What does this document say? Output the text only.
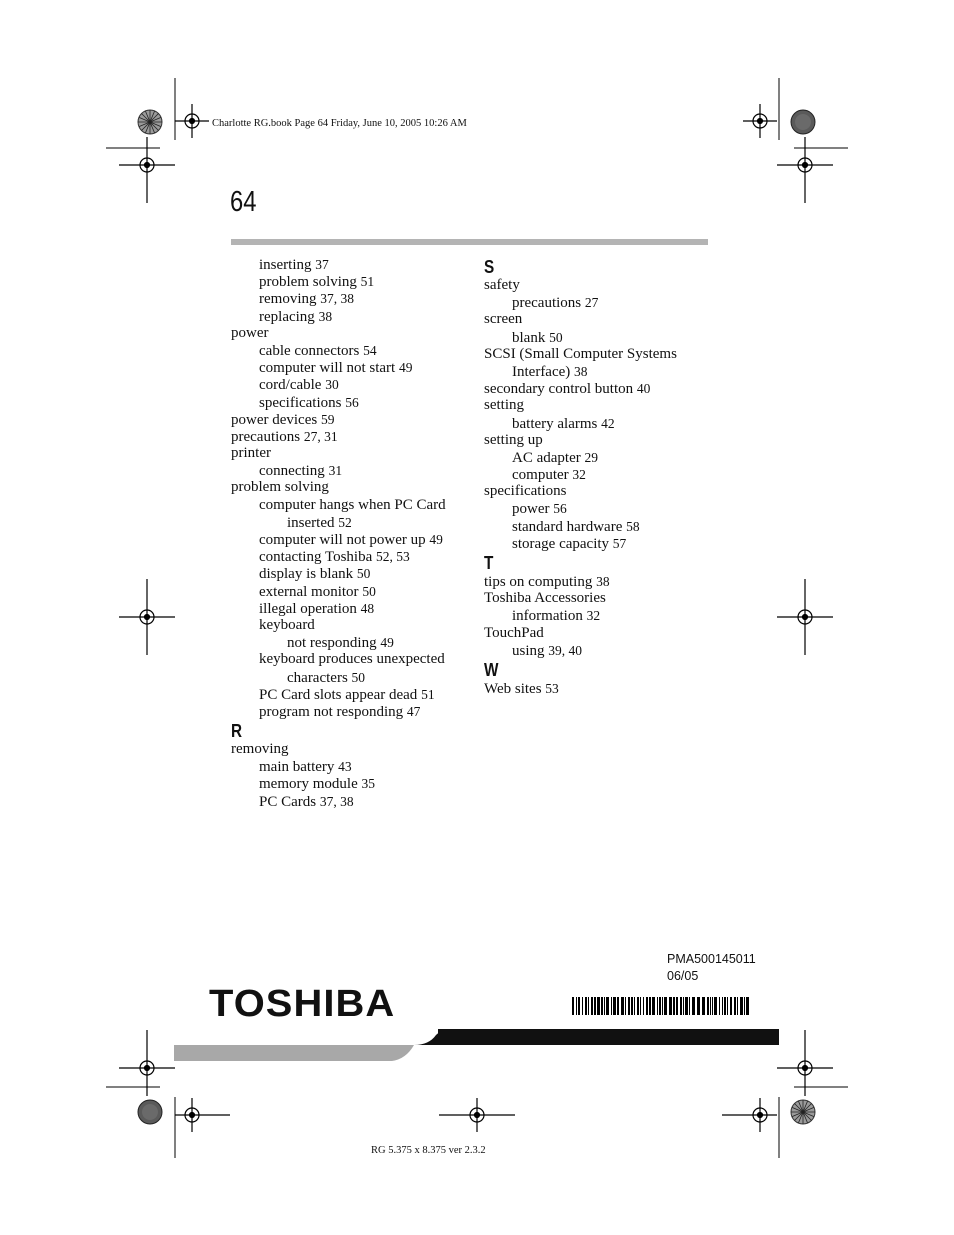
Charlotte RG.book Page 64 Friday, June 10, 2005 10:26 AM
64
inserting 37
problem solving 51
removing 37, 38
replacing 38
power
cable connectors 54
computer will not start 49
cord/cable 30
specifications 56
power devices 59
precautions 27, 31
printer
connecting 31
problem solving
computer hangs when PC Card
inserted 52
computer will not power up 49
contacting Toshiba 52, 53
display is blank 50
external monitor 50
illegal operation 48
keyboard
not responding 49
keyboard produces unexpected
characters 50
PC Card slots appear dead 51
program not responding 47
R
removing
main battery 43
memory module 35
PC Cards 37, 38
S
safety
precautions 27
screen
blank 50
SCSI (Small Computer Systems
Interface) 38
secondary control button 40
setting
battery alarms 42
setting up
AC adapter 29
computer 32
specifications
power 56
standard hardware 58
storage capacity 57
T
tips on computing 38
Toshiba Accessories
information 32
TouchPad
using 39, 40
W
Web sites 53
PMA500145011
06/05
TOSHIBA
RG 5.375 x 8.375 ver 2.3.2
